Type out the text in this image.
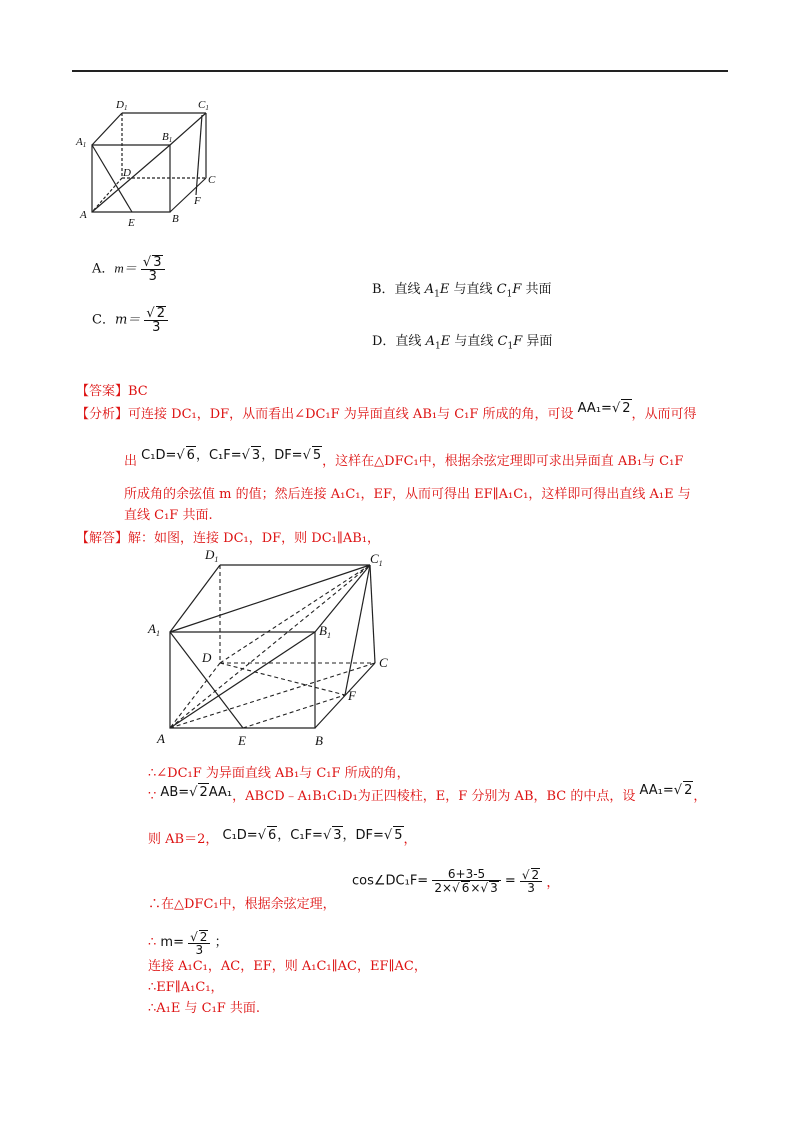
D1	C1
A1
B1
D
C
F
A
E	B
A．$m= \frac{√ 3}{3}$
B．直线 $A_1E$ 与直线 $C_1F$ 共面
C．$m= \frac{√ 2}{3}$
D．直线 $A_1E$ 与直线 $C_1F$ 异面
【答案】BC
【分析】可连接 DC₁，DF，从而看出∠DC₁F 为异面直线 AB₁与 C₁F 所成的角，可设 AA₁=√ 2，从而可得
出 C₁D=√ 6，C₁F=√ 3，DF=√ 5，这样在△DFC₁中，根据余弦定理即可求出异面直 AB₁与 C₁F
所成角的余弦值 m 的值；然后连接 A₁C₁，EF，从而可得出 EF∥A₁C₁，这样即可得出直线 A₁E 与
直线 C₁F 共面.
【解答】解：如图，连接 DC₁，DF，则 DC₁∥AB₁，
$D_1$	$C_1$
$A_1$	$B_1$
D	C
F
A	E	B
∴∠DC₁F 为异面直线 AB₁与 C₁F 所成的角，
∵ AB=√ 2AA₁，ABCD﹣A₁B₁C₁D₁为正四棱柱，E，F 分别为 AB，BC 的中点，设 AA₁=√ 2，
则 AB＝2， C₁D=√ 6，C₁F=√ 3，DF=√ 5，
∴在△DFC₁中，根据余弦定理，
cos∠DC₁F= $\frac{6+3-5}{2\times√ 6\times√ 3} = \frac{√ 2}{3}$ ，
∴ $m= \frac{√ 2}{3}$ ；
连接 A₁C₁，AC，EF，则 A₁C₁∥AC，EF∥AC，
∴EF∥A₁C₁，
∴A₁E 与 C₁F 共面.
